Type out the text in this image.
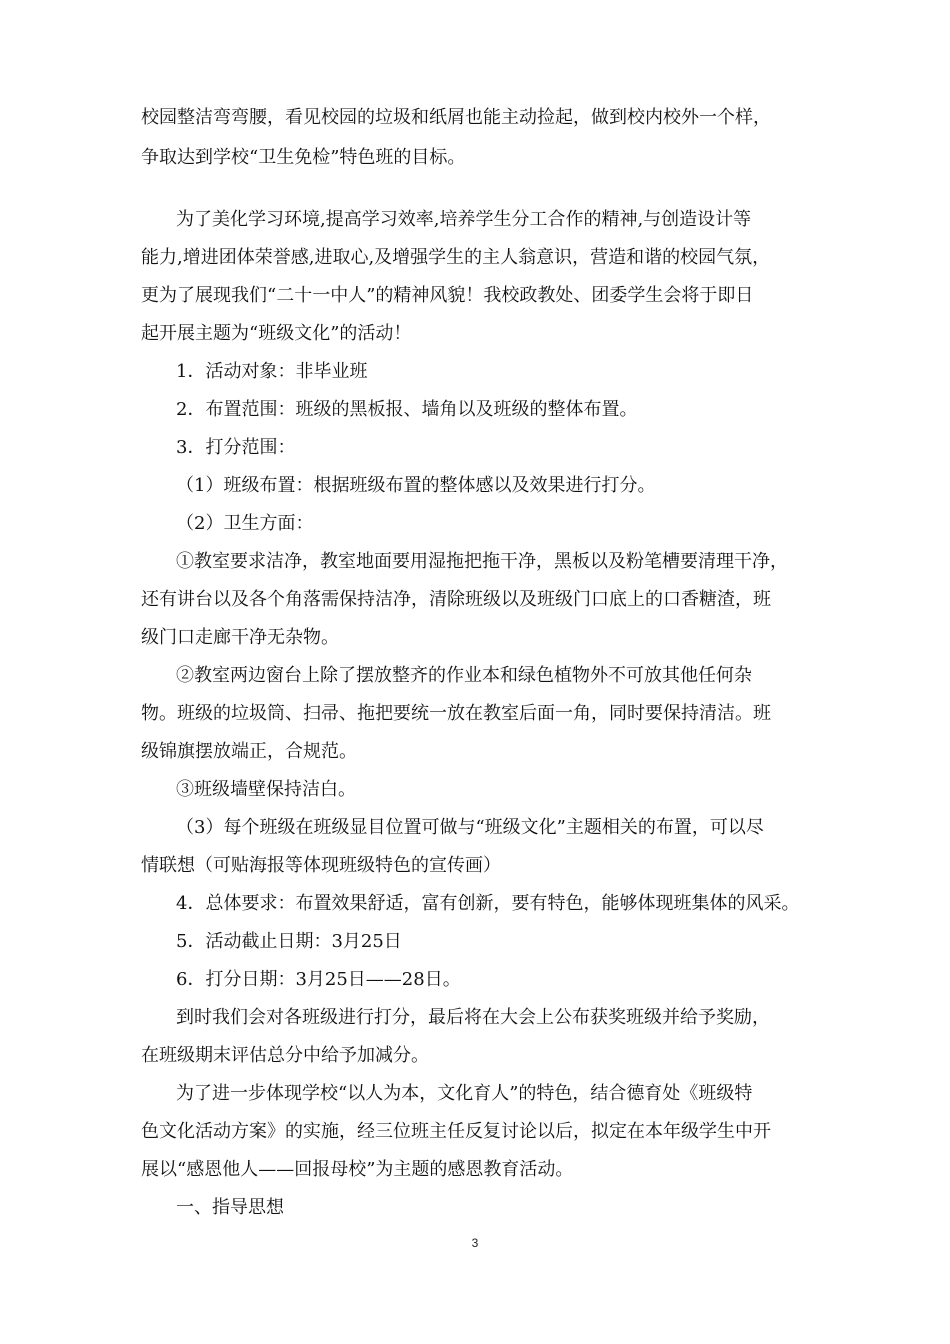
校园整洁弯弯腰，看见校园的垃圾和纸屑也能主动捡起，做到校内校外一个样，

争取达到学校“卫生免检”特色班的目标。

为了美化学习环境,提高学习效率,培养学生分工合作的精神,与创造设计等

能力,增进团体荣誉感,进取心,及增强学生的主人翁意识，营造和谐的校园气氛，

更为了展现我们“二十一中人”的精神风貌！我校政教处、团委学生会将于即日

起开展主题为“班级文化”的活动！

1．活动对象：非毕业班

2．布置范围：班级的黑板报、墙角以及班级的整体布置。

3．打分范围：

（1）班级布置：根据班级布置的整体感以及效果进行打分。

（2）卫生方面：

①教室要求洁净，教室地面要用湿拖把拖干净，黑板以及粉笔槽要清理干净，

还有讲台以及各个角落需保持洁净，清除班级以及班级门口底上的口香糖渣，班

级门口走廊干净无杂物。

②教室两边窗台上除了摆放整齐的作业本和绿色植物外不可放其他任何杂

物。班级的垃圾筒、扫帚、拖把要统一放在教室后面一角，同时要保持清洁。班

级锦旗摆放端正，合规范。

③班级墙壁保持洁白。

（3）每个班级在班级显目位置可做与“班级文化”主题相关的布置，可以尽

情联想（可贴海报等体现班级特色的宣传画）

4．总体要求：布置效果舒适，富有创新，要有特色，能够体现班集体的风采。

5．活动截止日期：3月25日

6．打分日期：3月25日——28日。

到时我们会对各班级进行打分，最后将在大会上公布获奖班级并给予奖励，

在班级期末评估总分中给予加减分。

为了进一步体现学校“以人为本，文化育人”的特色，结合德育处《班级特

色文化活动方案》的实施，经三位班主任反复讨论以后，拟定在本年级学生中开

展以“感恩他人——回报母校”为主题的感恩教育活动。

一、指导思想

3
